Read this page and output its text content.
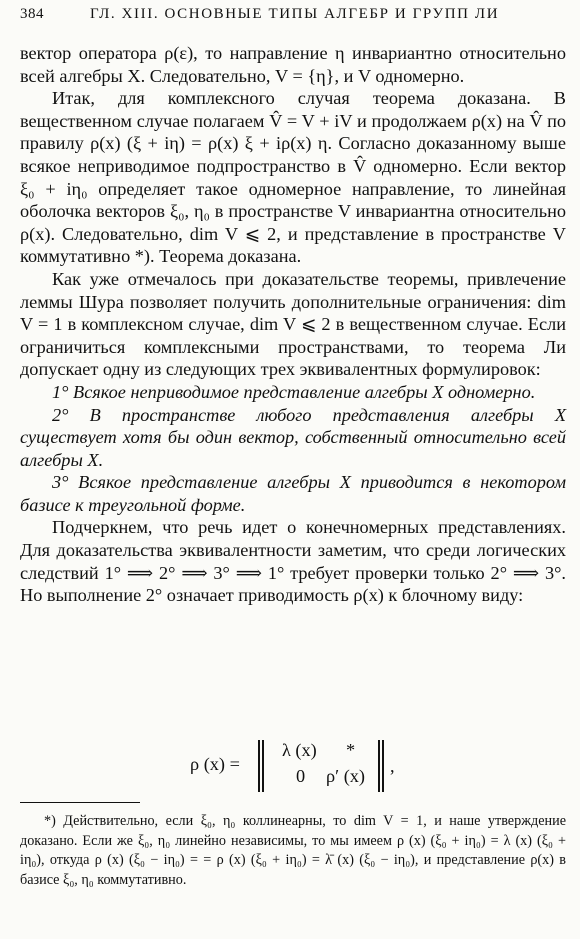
384	ГЛ. XIII. ОСНОВНЫЕ ТИПЫ АЛГЕБР И ГРУПП ЛИ

вектор оператора ρ(ε), то направление η инвариантно относительно всей алгебры X. Следовательно, V = {η}, и V одномерно.

Итак, для комплексного случая теорема доказана. В вещественном случае полагаем V̂ = V + iV и продолжаем ρ(x) на V̂ по правилу ρ(x) (ξ + iη) = ρ(x) ξ + iρ(x) η. Согласно доказанному выше всякое неприводимое подпространство в V̂ одномерно. Если вектор ξ₀ + iη₀ определяет такое одномерное направление, то линейная оболочка векторов ξ₀, η₀ в пространстве V инвариантна относительно ρ(x). Следовательно, dim V ⩽ 2, и представление в пространстве V коммутативно *). Теорема доказана.

Как уже отмечалось при доказательстве теоремы, привлечение леммы Шура позволяет получить дополнительные ограничения: dim V = 1 в комплексном случае, dim V ⩽ 2 в вещественном случае. Если ограничиться комплексными пространствами, то теорема Ли допускает одну из следующих трех эквивалентных формулировок:

1° Всякое неприводимое представление алгебры X одномерно.

2° В пространстве любого представления алгебры X существует хотя бы один вектор, собственный относительно всей алгебры X.

3° Всякое представление алгебры X приводится в некотором базисе к треугольной форме.

Подчеркнем, что речь идет о конечномерных представлениях. Для доказательства эквивалентности заметим, что среди логических следствий 1° ⟹ 2° ⟹ 3° ⟹ 1° требует проверки только 2° ⟹ 3°. Но выполнение 2° означает приводимость ρ(x) к блочному виду:

ρ (x) =
λ (x) *
0 ρ′ (x) ,

*) Действительно, если ξ₀, η₀ коллинеарны, то dim V = 1, и наше утверждение доказано. Если же ξ₀, η₀ линейно независимы, то мы имеем ρ (x) (ξ₀ + iη₀) = λ (x) (ξ₀ + iη₀), откуда ρ (x) (ξ₀ − iη₀) = = ρ (x) (ξ₀ + iη₀) = λ̄ (x) (ξ₀ − iη₀), и представление ρ(x) в базисе ξ₀, η₀ коммутативно.
